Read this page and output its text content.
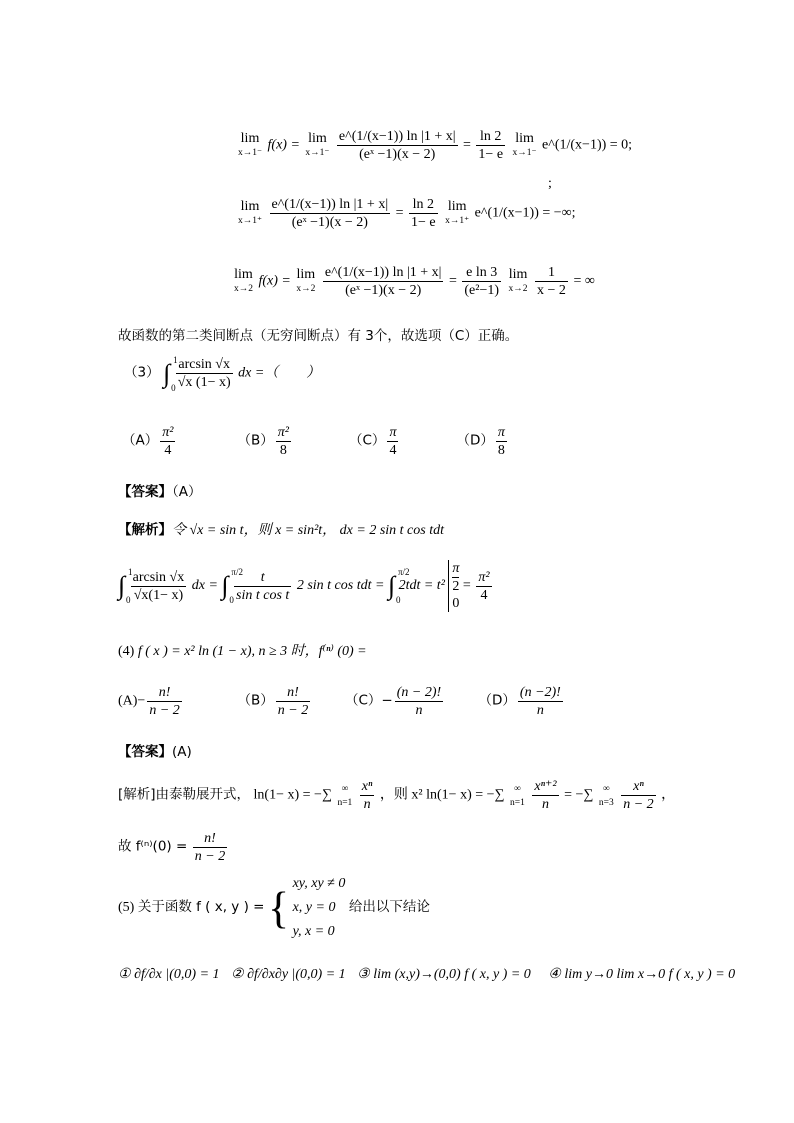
lim
x→1⁻ f(x) = lim
x→1⁻
$\frac{e\^{}(1/(x-1)) \ln |1 + x|}{\text{(eˣ −1)(x − 2)}} = \frac{\ln 2}{1- e}$
lim
x→1⁻ e^(1/(x−1)) = 0;
;
lim
x→1⁺
$\frac{e\^{}(1/(x-1)) \ln |1 + x|}{\text{(eˣ −1)(x − 2)}} = \frac{\ln 2}{1- e}$
lim
x→1⁺ e^(1/(x−1)) = −∞;
lim
x→2 f(x) = lim
x→2
$\frac{e\^{}(1/(x-1)) \ln |1 + x|}{\text{(eˣ −1)(x − 2)}} = \frac{\text{e ln 3}}{\text{(e²−1)}}$
lim
x→2
$\frac{1}{x - 2}$ = ∞
故函数的第二类间断点（无穷间断点）有 3个，故选项（C）正确。
（3） ∫ 1
0
$\frac{\arcsin √x}{√x (1- x)}$ dx =（　　）
$(A) \frac{\text{π²}}{4}$	$(B) \frac{\text{π²}}{8}$	$(C) \frac{\pi}{4}$	$(D) \frac{\pi}{8}$
【答案】（A）
【解析】令 √x = sin t，则 x = sin²t， dx = 2 sin t cos tdt
∫ 1
0
$\frac{\arcsin √x}{√x(1- x)}$ dx = ∫ π/2
0
$\frac{t}{\text{sin t cos t}} 2$ sin t cos tdt = ∫ π/2
0
2tdt = t²
π
2
0
= $\frac{\text{π²}}{4}$
(4) f ( x ) = x² ln (1 − x), n ≥ 3 时，f⁽ⁿ⁾ (0) =
$(A)- \frac{n!}{n - 2}$	$(B) \frac{n!}{n - 2}$	$(C)- \frac{(n - 2)!}{n}$	$(D) \frac{(n -2)!}{n}$
【答案】(A)
[解析]由泰勒展开式， ln(1− x) = −∑	∞
n=1
$\frac{\text{xⁿ}}{n}$ ，则 x² ln(1− x) = −∑	∞
n=1
$\frac{\text{xⁿ⁺²}}{n}$ = −∑	∞
n=3
$\frac{\text{xⁿ}}{n - 2}$ ，
故 $f^{(n)}(0) = \frac{n!}{n - 2}$
(5) 关于函数 f ( x, y ) = { xy, xy ≠ 0
x, y = 0
y, x = 0
给出以下结论
① ∂f/∂x |(0,0) = 1 ② ∂f/∂x∂y |(0,0) = 1 ③ lim (x,y)→(0,0) f ( x, y ) = 0 ④ lim y→0 lim x→0 f ( x, y ) = 0
